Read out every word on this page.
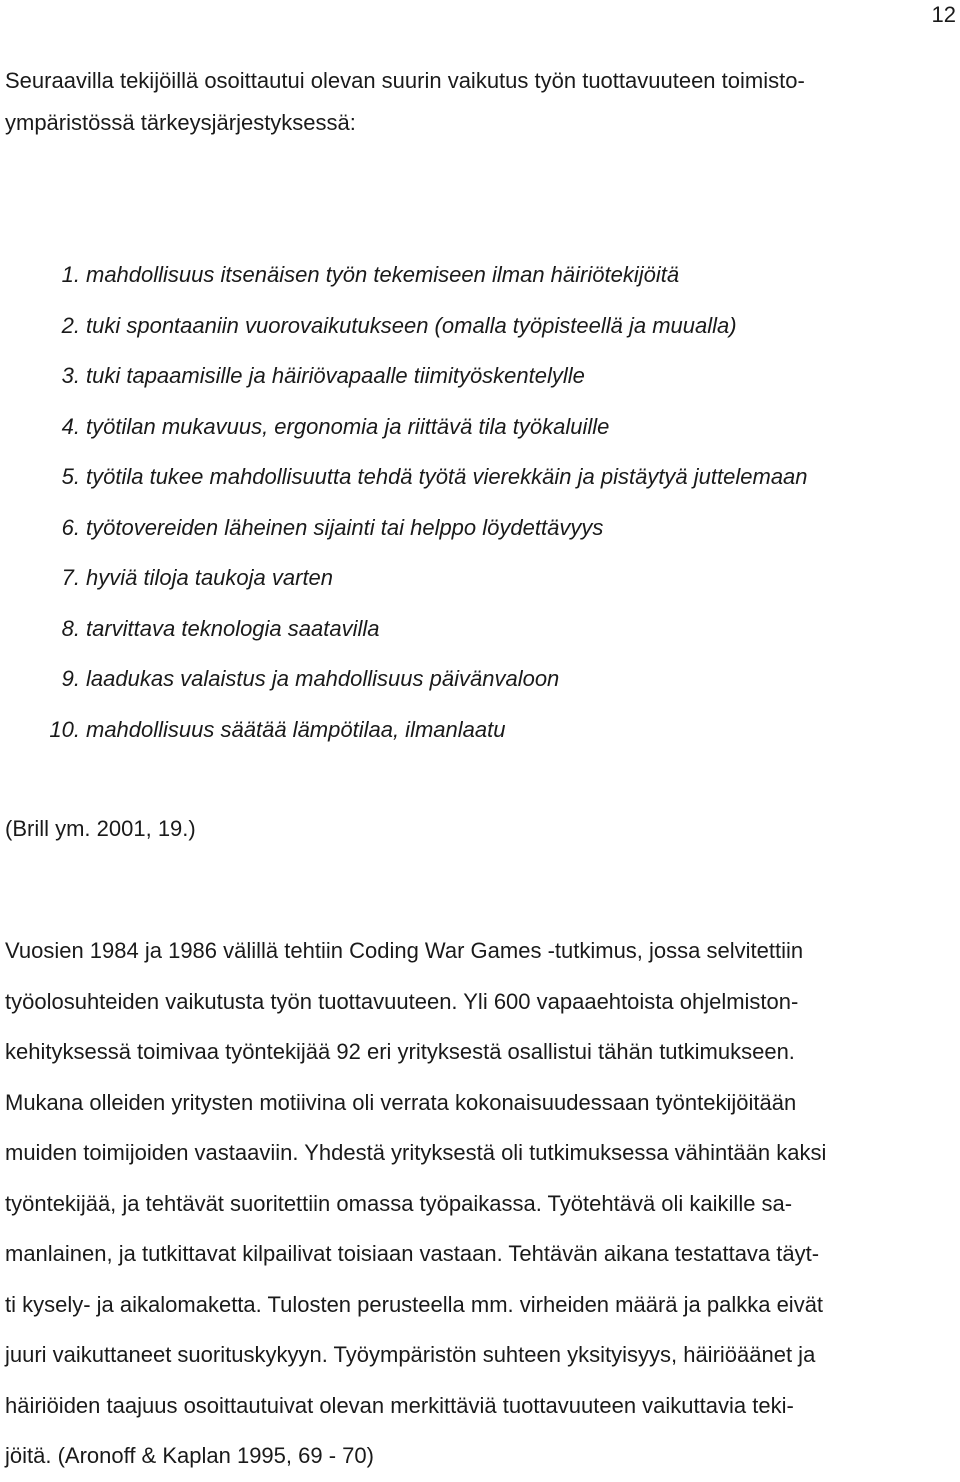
12

Seuraavilla tekijöillä osoittautui olevan suurin vaikutus työn tuottavuuteen toimisto-
ympäristössä tärkeysjärjestyksessä:

1. mahdollisuus itsenäisen työn tekemiseen ilman häiriötekijöitä
2. tuki spontaaniin vuorovaikutukseen (omalla työpisteellä ja muualla)
3. tuki tapaamisille ja häiriövapaalle tiimityöskentelylle
4. työtilan mukavuus, ergonomia ja riittävä tila työkaluille
5. työtila tukee mahdollisuutta tehdä työtä vierekkäin ja pistäytyä juttelemaan
6. työtovereiden läheinen sijainti tai helppo löydettävyys
7. hyviä tiloja taukoja varten
8. tarvittava teknologia saatavilla
9. laadukas valaistus ja mahdollisuus päivänvaloon
10. mahdollisuus säätää lämpötilaa, ilmanlaatu

(Brill ym. 2001, 19.)

Vuosien 1984 ja 1986 välillä tehtiin Coding War Games -tutkimus, jossa selvitettiin
työolosuhteiden vaikutusta työn tuottavuuteen. Yli 600 vapaaehtoista ohjelmiston-
kehityksessä toimivaa työntekijää 92 eri yrityksestä osallistui tähän tutkimukseen.
Mukana olleiden yritysten motiivina oli verrata kokonaisuudessaan työntekijöitään
muiden toimijoiden vastaaviin. Yhdestä yrityksestä oli tutkimuksessa vähintään kaksi
työntekijää, ja tehtävät suoritettiin omassa työpaikassa. Työtehtävä oli kaikille sa-
manlainen, ja tutkittavat kilpailivat toisiaan vastaan. Tehtävän aikana testattava täyt-
ti kysely- ja aikalomaketta. Tulosten perusteella mm. virheiden määrä ja palkka eivät
juuri vaikuttaneet suorituskykyyn. Työympäristön suhteen yksityisyys, häiriöäänet ja
häiriöiden taajuus osoittautuivat olevan merkittäviä tuottavuuteen vaikuttavia teki-
jöitä. (Aronoff & Kaplan 1995, 69 - 70)
